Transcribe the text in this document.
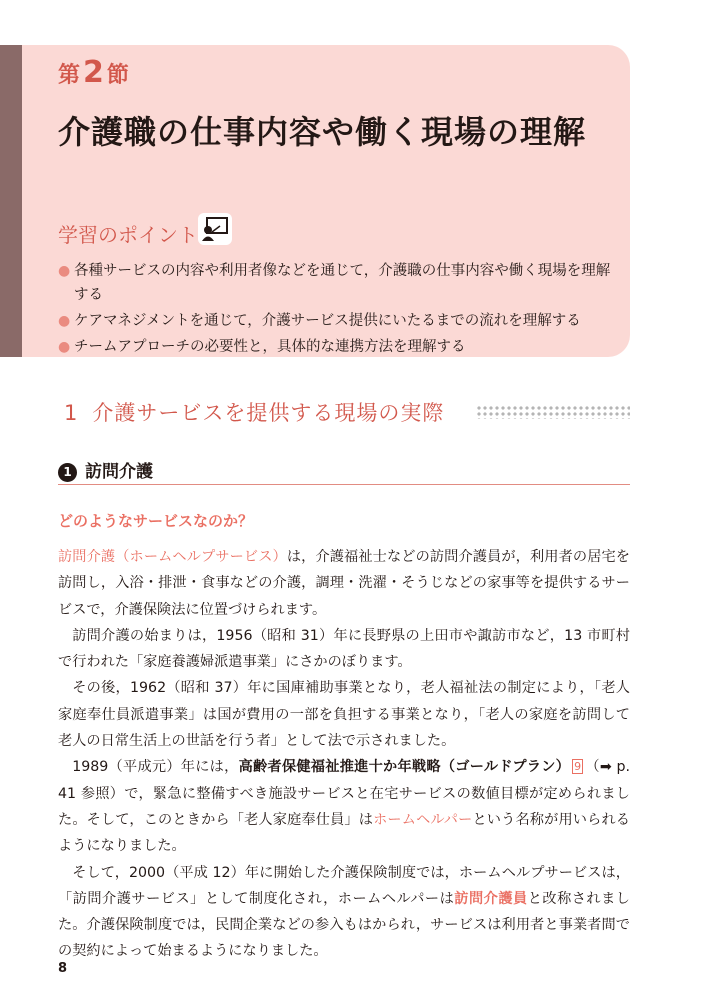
第 2 節
介護職の仕事内容や働く現場の理解
学習のポイント
● 各種サービスの内容や利用者像などを通じて，介護職の仕事内容や働く現場を理解する
● ケアマネジメントを通じて，介護サービス提供にいたるまでの流れを理解する
● チームアプローチの必要性と，具体的な連携方法を理解する
1 介護サービスを提供する現場の実際
1 訪問介護
どのようなサービスなのか？

訪問介護（ホームヘルプサービス）は，介護福祉士などの訪問介護員が，利用者の居宅を訪問し，入浴・排泄・食事などの介護，調理・洗濯・そうじなどの家事等を提供するサービスで，介護保険法に位置づけられます。

訪問介護の始まりは，1956（昭和 31）年に長野県の上田市や諏訪市など，13 市町村で行われた「家庭養護婦派遣事業」にさかのぼります。

その後，1962（昭和 37）年に国庫補助事業となり，老人福祉法の制定により，「老人家庭奉仕員派遣事業」は国が費用の一部を負担する事業となり，「老人の家庭を訪問して老人の日常生活上の世話を行う者」として法で示されました。

1989（平成元）年には，高齢者保健福祉推進十か年戦略（ゴールドプラン） 9 （➡ p. 41 参照）で，緊急に整備すべき施設サービスと在宅サービスの数値目標が定められました。そして，このときから「老人家庭奉仕員」はホームヘルパーという名称が用いられるようになりました。

そして，2000（平成 12）年に開始した介護保険制度では，ホームヘルプサービスは，「訪問介護サービス」として制度化され，ホームヘルパーは訪問介護員と改称されました。介護保険制度では，民間企業などの参入もはかられ，サービスは利用者と事業者間での契約によって始まるようになりました。

8
